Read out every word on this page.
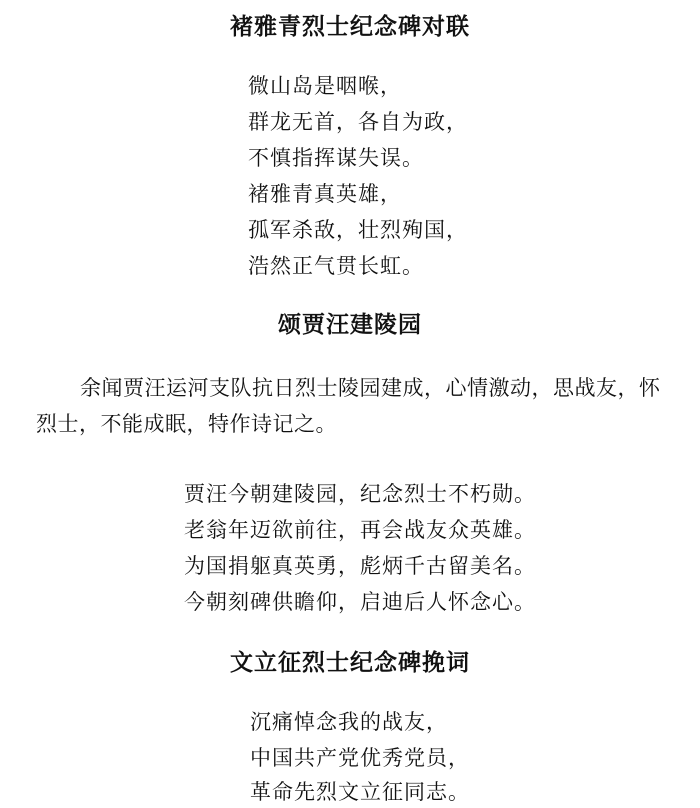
褚雅青烈士纪念碑对联

微山岛是咽喉，

群龙无首，各自为政，

不慎指挥谋失误。

褚雅青真英雄，

孤军杀敌，壮烈殉国，

浩然正气贯长虹。

颂贾汪建陵园

余闻贾汪运河支队抗日烈士陵园建成，心情激动，思战友，怀

烈士，不能成眠，特作诗记之。

贾汪今朝建陵园，纪念烈士不朽勋。

老翁年迈欲前往，再会战友众英雄。

为国捐躯真英勇，彪炳千古留美名。

今朝刻碑供瞻仰，启迪后人怀念心。

文立征烈士纪念碑挽词

沉痛悼念我的战友，

中国共产党优秀党员，

革命先烈文立征同志。
